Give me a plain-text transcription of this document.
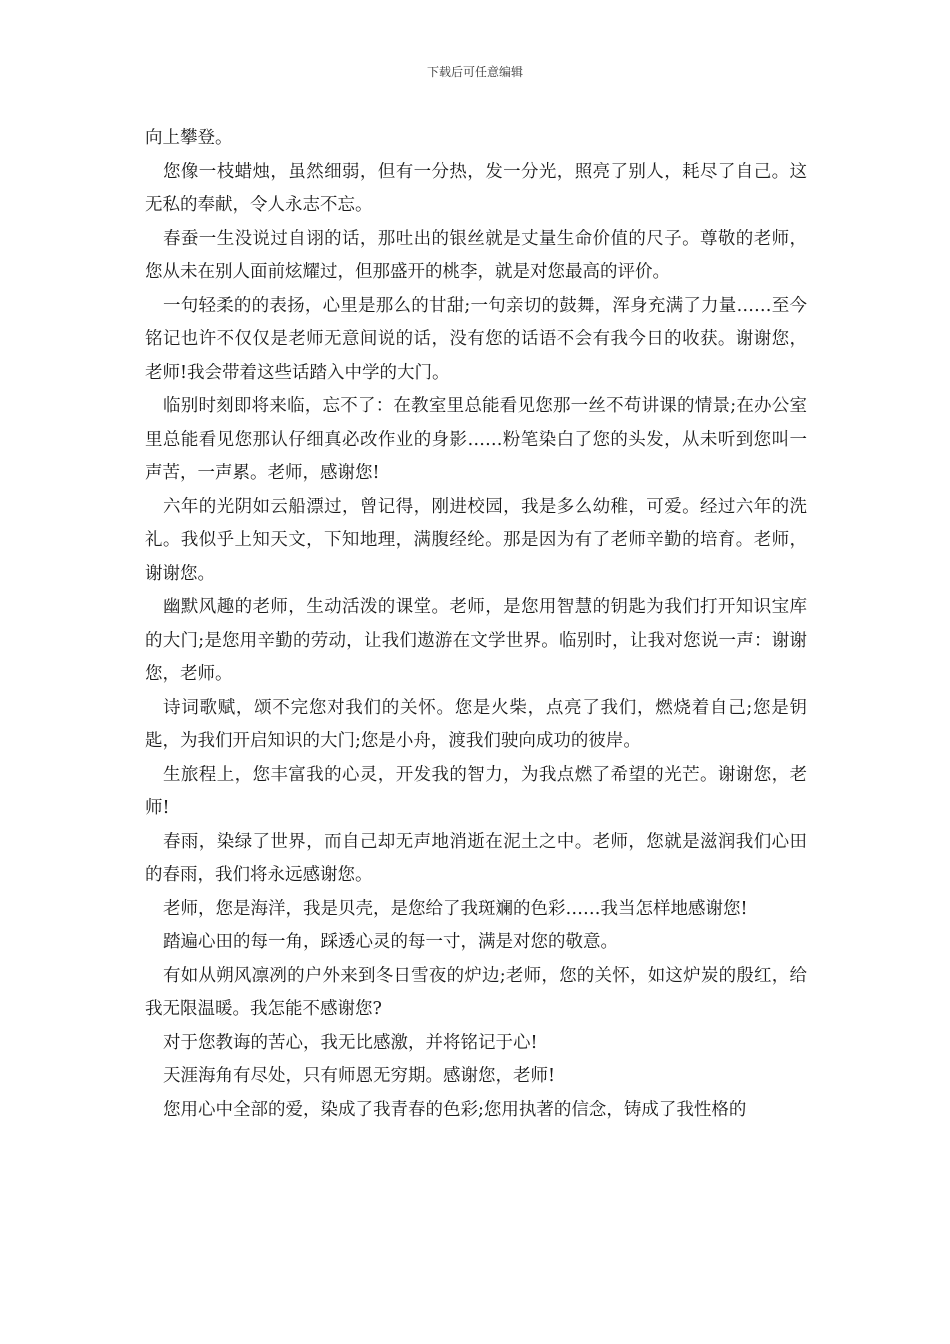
下载后可任意编辑

向上攀登。

您像一枝蜡烛，虽然细弱，但有一分热，发一分光，照亮了别人，耗尽了自己。这无私的奉献，令人永志不忘。

春蚕一生没说过自诩的话，那吐出的银丝就是丈量生命价值的尺子。尊敬的老师，您从未在别人面前炫耀过，但那盛开的桃李，就是对您最高的评价。

一句轻柔的的表扬，心里是那么的甘甜;一句亲切的鼓舞，浑身充满了力量……至今铭记也许不仅仅是老师无意间说的话，没有您的话语不会有我今日的收获。谢谢您，老师!我会带着这些话踏入中学的大门。

临别时刻即将来临，忘不了：在教室里总能看见您那一丝不苟讲课的情景;在办公室里总能看见您那认仔细真必改作业的身影……粉笔染白了您的头发，从未听到您叫一声苦，一声累。老师，感谢您!

六年的光阴如云船漂过，曾记得，刚进校园，我是多么幼稚，可爱。经过六年的洗礼。我似乎上知天文，下知地理，满腹经纶。那是因为有了老师辛勤的培育。老师，谢谢您。

幽默风趣的老师，生动活泼的课堂。老师，是您用智慧的钥匙为我们打开知识宝库的大门;是您用辛勤的劳动，让我们遨游在文学世界。临别时，让我对您说一声：谢谢您，老师。

诗词歌赋，颂不完您对我们的关怀。您是火柴，点亮了我们，燃烧着自己;您是钥匙，为我们开启知识的大门;您是小舟，渡我们驶向成功的彼岸。

生旅程上，您丰富我的心灵，开发我的智力，为我点燃了希望的光芒。谢谢您，老师!

春雨，染绿了世界，而自己却无声地消逝在泥土之中。老师，您就是滋润我们心田的春雨，我们将永远感谢您。

老师，您是海洋，我是贝壳，是您给了我斑斓的色彩……我当怎样地感谢您!

踏遍心田的每一角，踩透心灵的每一寸，满是对您的敬意。

有如从朔风凛冽的户外来到冬日雪夜的炉边;老师，您的关怀，如这炉炭的殷红，给我无限温暖。我怎能不感谢您?

对于您教诲的苦心，我无比感激，并将铭记于心!

天涯海角有尽处，只有师恩无穷期。感谢您，老师!

您用心中全部的爱，染成了我青春的色彩;您用执著的信念，铸成了我性格的
